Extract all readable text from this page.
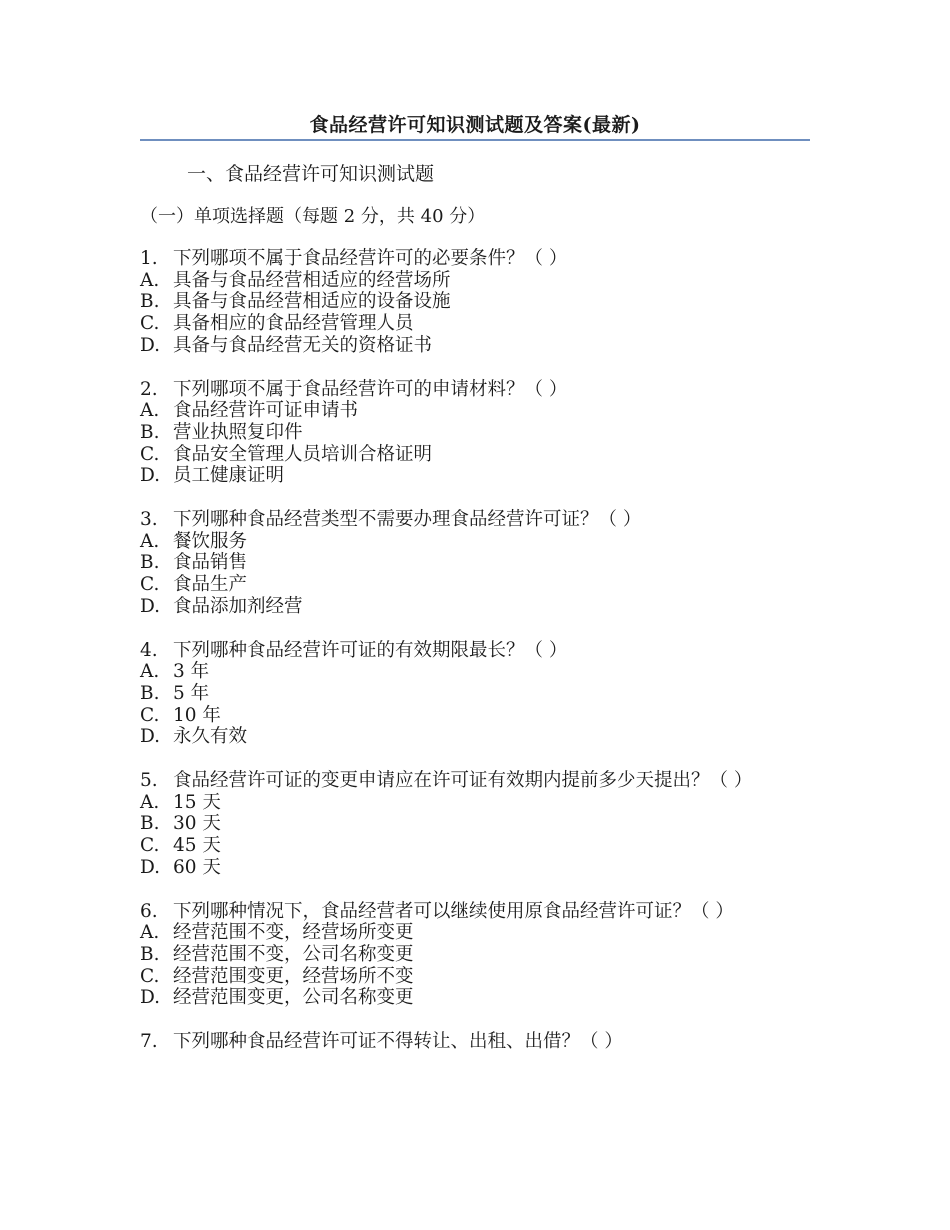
食品经营许可知识测试题及答案(最新)
一、食品经营许可知识测试题
（一）单项选择题（每题 2 分，共 40 分）
1. 下列哪项不属于食品经营许可的必要条件？（ ）
A. 具备与食品经营相适应的经营场所
B. 具备与食品经营相适应的设备设施
C. 具备相应的食品经营管理人员
D. 具备与食品经营无关的资格证书
2. 下列哪项不属于食品经营许可的申请材料？（ ）
A. 食品经营许可证申请书
B. 营业执照复印件
C. 食品安全管理人员培训合格证明
D. 员工健康证明
3. 下列哪种食品经营类型不需要办理食品经营许可证？（ ）
A. 餐饮服务
B. 食品销售
C. 食品生产
D. 食品添加剂经营
4. 下列哪种食品经营许可证的有效期限最长？（ ）
A. 3 年
B. 5 年
C. 10 年
D. 永久有效
5. 食品经营许可证的变更申请应在许可证有效期内提前多少天提出？（ ）
A. 15 天
B. 30 天
C. 45 天
D. 60 天
6. 下列哪种情况下，食品经营者可以继续使用原食品经营许可证？（ ）
A. 经营范围不变，经营场所变更
B. 经营范围不变，公司名称变更
C. 经营范围变更，经营场所不变
D. 经营范围变更，公司名称变更
7. 下列哪种食品经营许可证不得转让、出租、出借？（ ）
